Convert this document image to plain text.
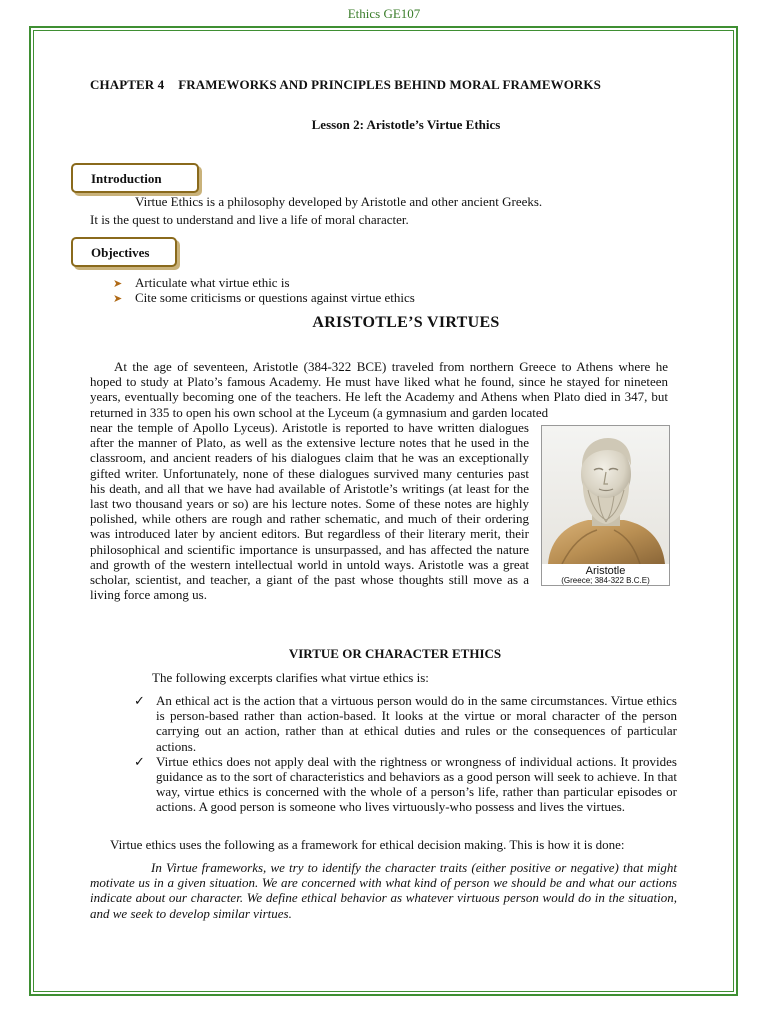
Ethics GE107
CHAPTER 4 FRAMEWORKS AND PRINCIPLES BEHIND MORAL FRAMEWORKS
Lesson 2: Aristotle’s Virtue Ethics
Introduction
Virtue Ethics is a philosophy developed by Aristotle and other ancient Greeks.
It is the quest to understand and live a life of moral character.
Objectives
➤ Articulate what virtue ethic is
➤ Cite some criticisms or questions against virtue ethics
ARISTOTLE’S VIRTUES
At the age of seventeen, Aristotle (384-322 BCE) traveled from northern Greece to Athens where he hoped to study at Plato’s famous Academy. He must have liked what he found, since he stayed for nineteen years, eventually becoming one of the teachers. He left the Academy and Athens when Plato died in 347, but returned in 335 to open his own school at the Lyceum (a gymnasium and garden located
near the temple of Apollo Lyceus). Aristotle is reported to have written dialogues after the manner of Plato, as well as the extensive lecture notes that he used in the classroom, and ancient readers of his dialogues claim that he was an exceptionally gifted writer. Unfortunately, none of these dialogues survived many centuries past his death, and all that we have had available of Aristotle’s writings (at least for the last two thousand years or so) are his lecture notes. Some of these notes are highly polished, while others are rough and rather schematic, and much of their ordering was introduced later by ancient editors. But regardless of their literary merit, their philosophical and scientific importance is unsurpassed, and has affected the nature and growth of the western intellectual world in untold ways. Aristotle was a great scholar, scientist, and teacher, a giant of the past whose thoughts still move as a living force among us.
Aristotle
(Greece; 384-322 B.C.E)
VIRTUE OR CHARACTER ETHICS
The following excerpts clarifies what virtue ethics is:
✓ An ethical act is the action that a virtuous person would do in the same circumstances. Virtue ethics is person-based rather than action-based. It looks at the virtue or moral character of the person carrying out an action, rather than at ethical duties and rules or the consequences of particular actions.
✓ Virtue ethics does not apply deal with the rightness or wrongness of individual actions. It provides guidance as to the sort of characteristics and behaviors as a good person will seek to achieve. In that way, virtue ethics is concerned with the whole of a person’s life, rather than particular episodes or actions. A good person is someone who lives virtuously-who possess and lives the virtues.
Virtue ethics uses the following as a framework for ethical decision making. This is how it is done:
In Virtue frameworks, we try to identify the character traits (either positive or negative) that might motivate us in a given situation. We are concerned with what kind of person we should be and what our actions indicate about our character. We define ethical behavior as whatever virtuous person would do in the situation, and we seek to develop similar virtues.
